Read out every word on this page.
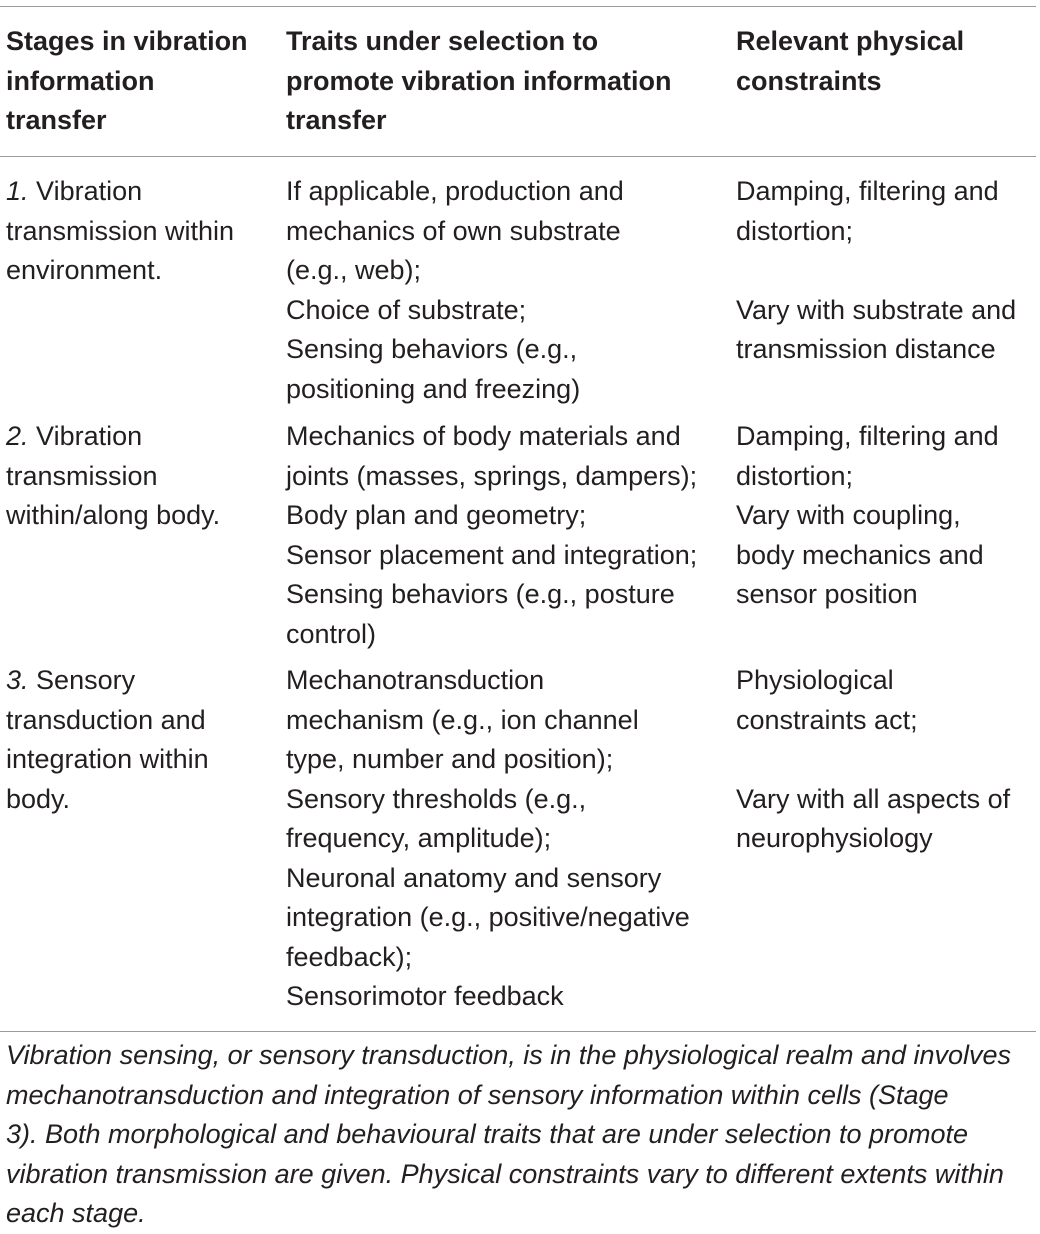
Stages in vibration
information
transfer
Traits under selection to
promote vibration information
transfer
Relevant physical
constraints
1. Vibration
transmission within
environment.
If applicable, production and
mechanics of own substrate
(e.g., web);
Choice of substrate;
Sensing behaviors (e.g.,
positioning and freezing)
Damping, filtering and
distortion;
Vary with substrate and
transmission distance
2. Vibration
transmission
within/along body.
Mechanics of body materials and
joints (masses, springs, dampers);
Body plan and geometry;
Sensor placement and integration;
Sensing behaviors (e.g., posture
control)
Damping, filtering and
distortion;
Vary with coupling,
body mechanics and
sensor position
3. Sensory
transduction and
integration within
body.
Mechanotransduction
mechanism (e.g., ion channel
type, number and position);
Sensory thresholds (e.g.,
frequency, amplitude);
Neuronal anatomy and sensory
integration (e.g., positive/negative
feedback);
Sensorimotor feedback
Physiological
constraints act;
Vary with all aspects of
neurophysiology
Vibration sensing, or sensory transduction, is in the physiological realm and involves
mechanotransduction and integration of sensory information within cells (Stage
3). Both morphological and behavioural traits that are under selection to promote
vibration transmission are given. Physical constraints vary to different extents within
each stage.
